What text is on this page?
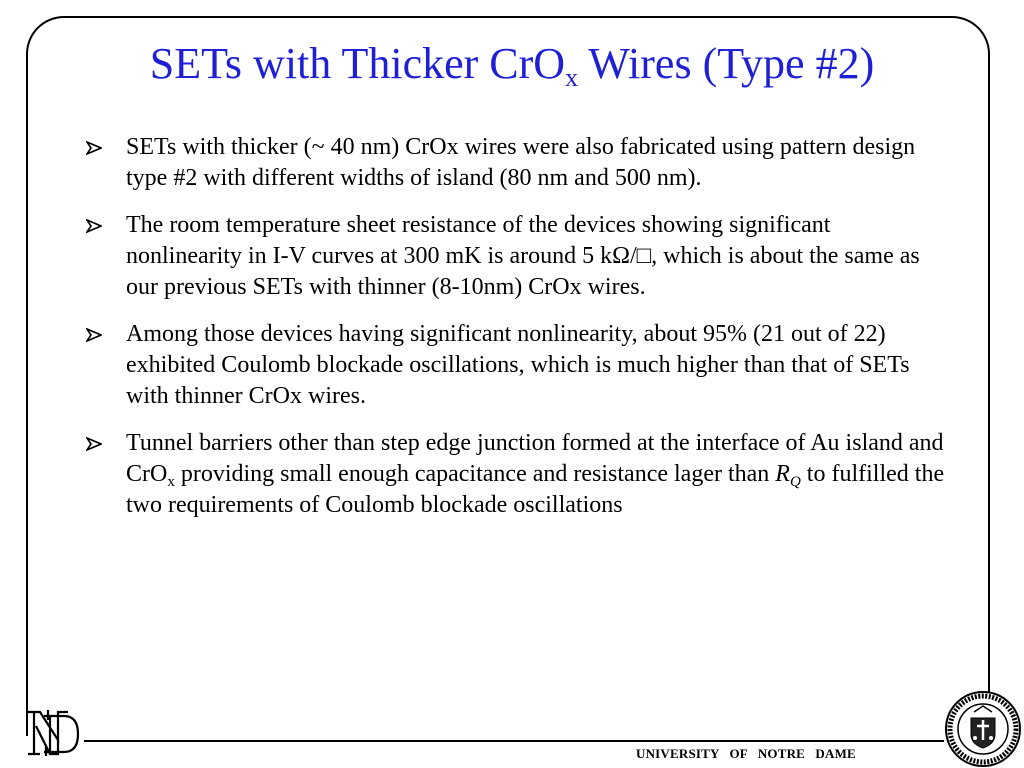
SETs with Thicker CrO$_x$ Wires (Type #2)
SETs with thicker (~ 40 nm) CrOx wires were also fabricated using pattern design type #2 with different widths of island (80 nm and 500 nm).
The room temperature sheet resistance of the devices showing significant nonlinearity in I-V curves at 300 mK is around 5 kΩ/□, which is about the same as our previous SETs with thinner (8-10nm) CrOx wires.
Among those devices having significant nonlinearity, about 95% (21 out of 22) exhibited Coulomb blockade oscillations, which is much higher than that of SETs with thinner CrOx wires.
Tunnel barriers other than step edge junction formed at the interface of Au island and CrO$_x$ providing small enough capacitance and resistance lager than $R_Q$ to fulfilled the two requirements of Coulomb blockade oscillations
UNIVERSITY   OF   NOTRE   DAME
